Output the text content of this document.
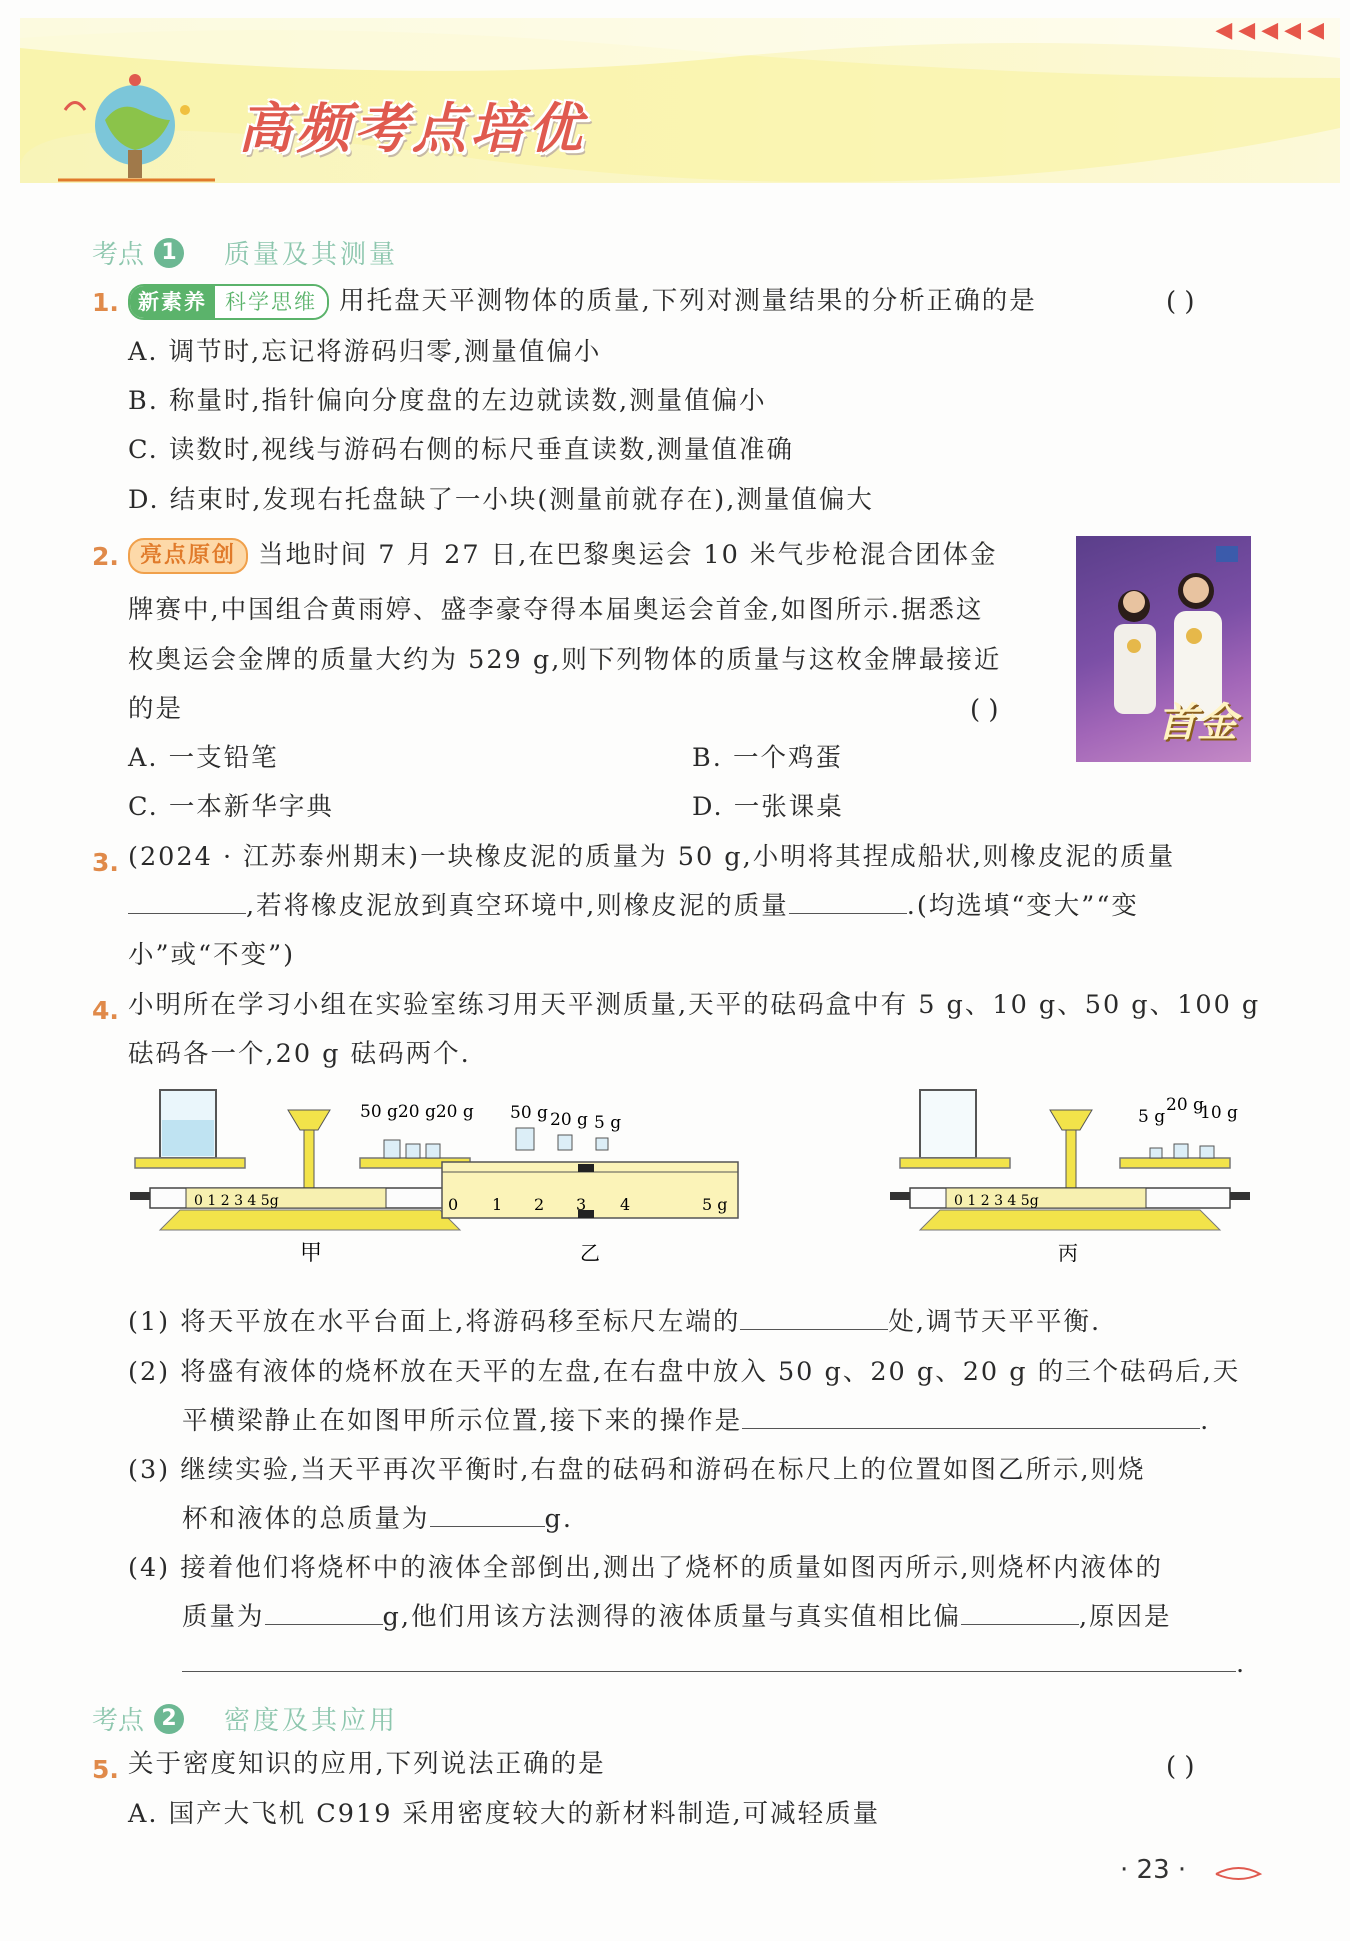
高频考点培优
◀◀◀◀◀
考点 1 质量及其测量
1. 新素养 科学思维 用托盘天平测物体的质量,下列对测量结果的分析正确的是	( )
A. 调节时,忘记将游码归零,测量值偏小
B. 称量时,指针偏向分度盘的左边就读数,测量值偏小
C. 读数时,视线与游码右侧的标尺垂直读数,测量值准确
D. 结束时,发现右托盘缺了一小块(测量前就存在),测量值偏大
2. 亮点原创 当地时间 7 月 27 日,在巴黎奥运会 10 米气步枪混合团体金
牌赛中,中国组合黄雨婷、盛李豪夺得本届奥运会首金,如图所示.据悉这
枚奥运会金牌的质量大约为 529 g,则下列物体的质量与这枚金牌最接近
的是	( )
A. 一支铅笔	B. 一个鸡蛋
C. 一本新华字典	D. 一张课桌
首金
3. (2024 · 江苏泰州期末)一块橡皮泥的质量为 50 g,小明将其捏成船状,则橡皮泥的质量
,若将橡皮泥放到真空环境中,则橡皮泥的质量	.(均选填“变大”“变
小”或“不变”)
4. 小明所在学习小组在实验室练习用天平测质量,天平的砝码盒中有 5 g、10 g、50 g、100 g
砝码各一个,20 g 砝码两个.
50 g20 g20 g
0 1 2 3 4 5g
甲
50 g 20 g 5 g
0 1 2 3 4	5 g
乙
5 g
20 g
10 g
0 1 2 3 4 5g
丙
(1) 将天平放在水平台面上,将游码移至标尺左端的	处,调节天平平衡.
(2) 将盛有液体的烧杯放在天平的左盘,在右盘中放入 50 g、20 g、20 g 的三个砝码后,天
平横梁静止在如图甲所示位置,接下来的操作是	.
(3) 继续实验,当天平再次平衡时,右盘的砝码和游码在标尺上的位置如图乙所示,则烧
杯和液体的总质量为	g.
(4) 接着他们将烧杯中的液体全部倒出,测出了烧杯的质量如图丙所示,则烧杯内液体的
质量为	g,他们用该方法测得的液体质量与真实值相比偏	,原因是
.
考点 2 密度及其应用
5. 关于密度知识的应用,下列说法正确的是	( )
A. 国产大飞机 C919 采用密度较大的新材料制造,可减轻质量
· 23 ·
